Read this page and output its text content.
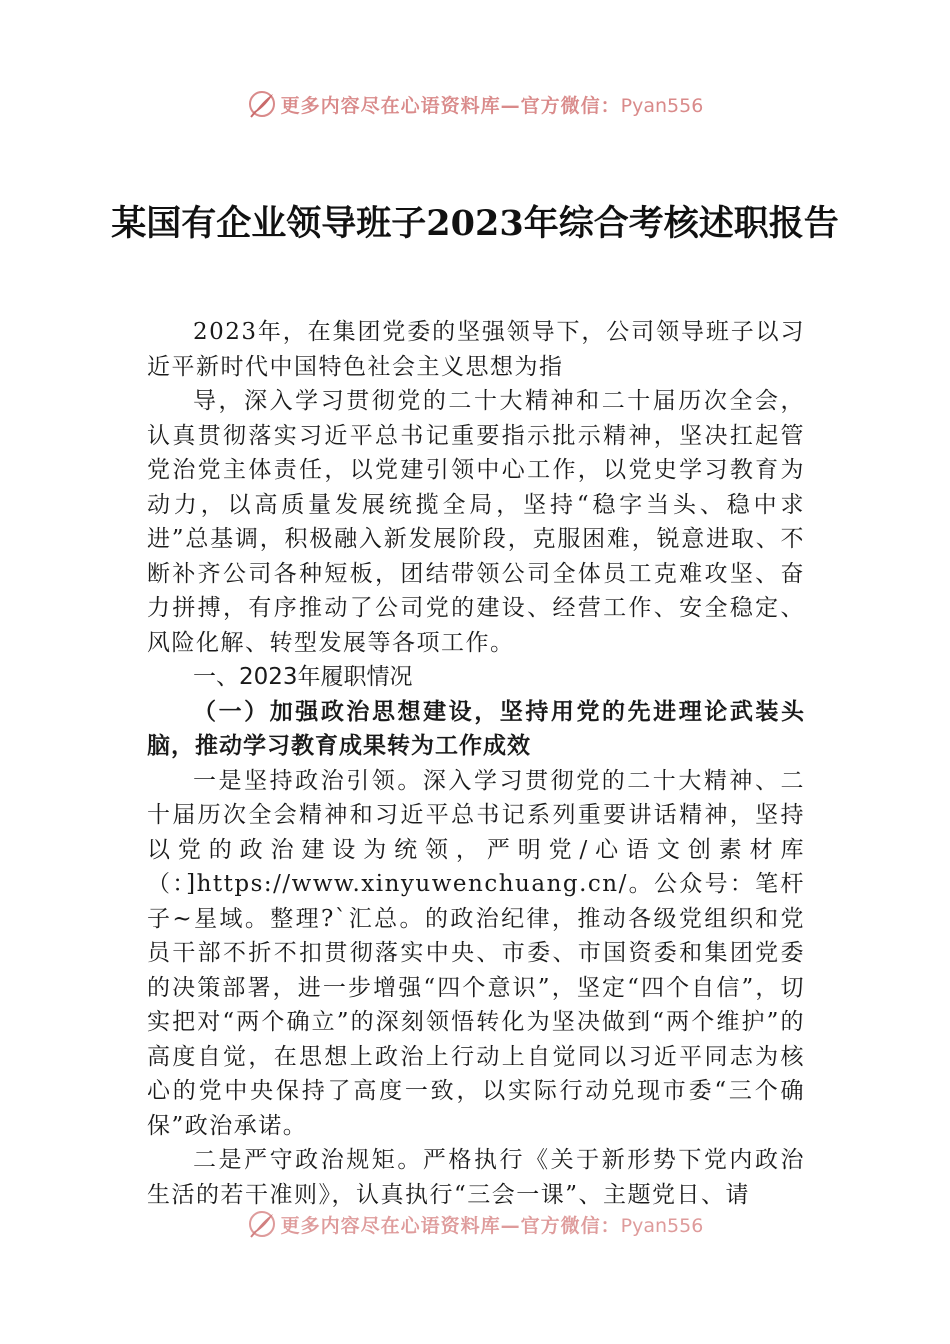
更多内容尽在心语资料库—官方微信：Pyan556
某国有企业领导班子2023年综合考核述职报告

2023年，在集团党委的坚强领导下，公司领导班子以习近平新时代中国特色社会主义思想为指

导，深入学习贯彻党的二十大精神和二十届历次全会，认真贯彻落实习近平总书记重要指示批示精神，坚决扛起管党治党主体责任，以党建引领中心工作，以党史学习教育为动力，以高质量发展统揽全局，坚持“稳字当头、稳中求进”总基调，积极融入新发展阶段，克服困难，锐意进取、不断补齐公司各种短板，团结带领公司全体员工克难攻坚、奋力拼搏，有序推动了公司党的建设、经营工作、安全稳定、风险化解、转型发展等各项工作。

一、2023年履职情况
（一）加强政治思想建设，坚持用党的先进理论武装头脑，推动学习教育成果转为工作成效

一是坚持政治引领。深入学习贯彻党的二十大精神、二十届历次全会精神和习近平总书记系列重要讲话精神，坚持以党的政治建设为统领，严明党/心语文创素材库（：]https://www.xinyuwenchuang.cn/。公众号：笔杆子~星域。整理?`汇总。的政治纪律，推动各级党组织和党员干部不折不扣贯彻落实中央、市委、市国资委和集团党委的决策部署，进一步增强“四个意识”，坚定“四个自信”，切实把对“两个确立”的深刻领悟转化为坚决做到“两个维护”的高度自觉，在思想上政治上行动上自觉同以习近平同志为核心的党中央保持了高度一致，以实际行动兑现市委“三个确保”政治承诺。

二是严守政治规矩。严格执行《关于新形势下党内政治生活的若干准则》，认真执行“三会一课”、主题党日、请

更多内容尽在心语资料库—官方微信：Pyan556
